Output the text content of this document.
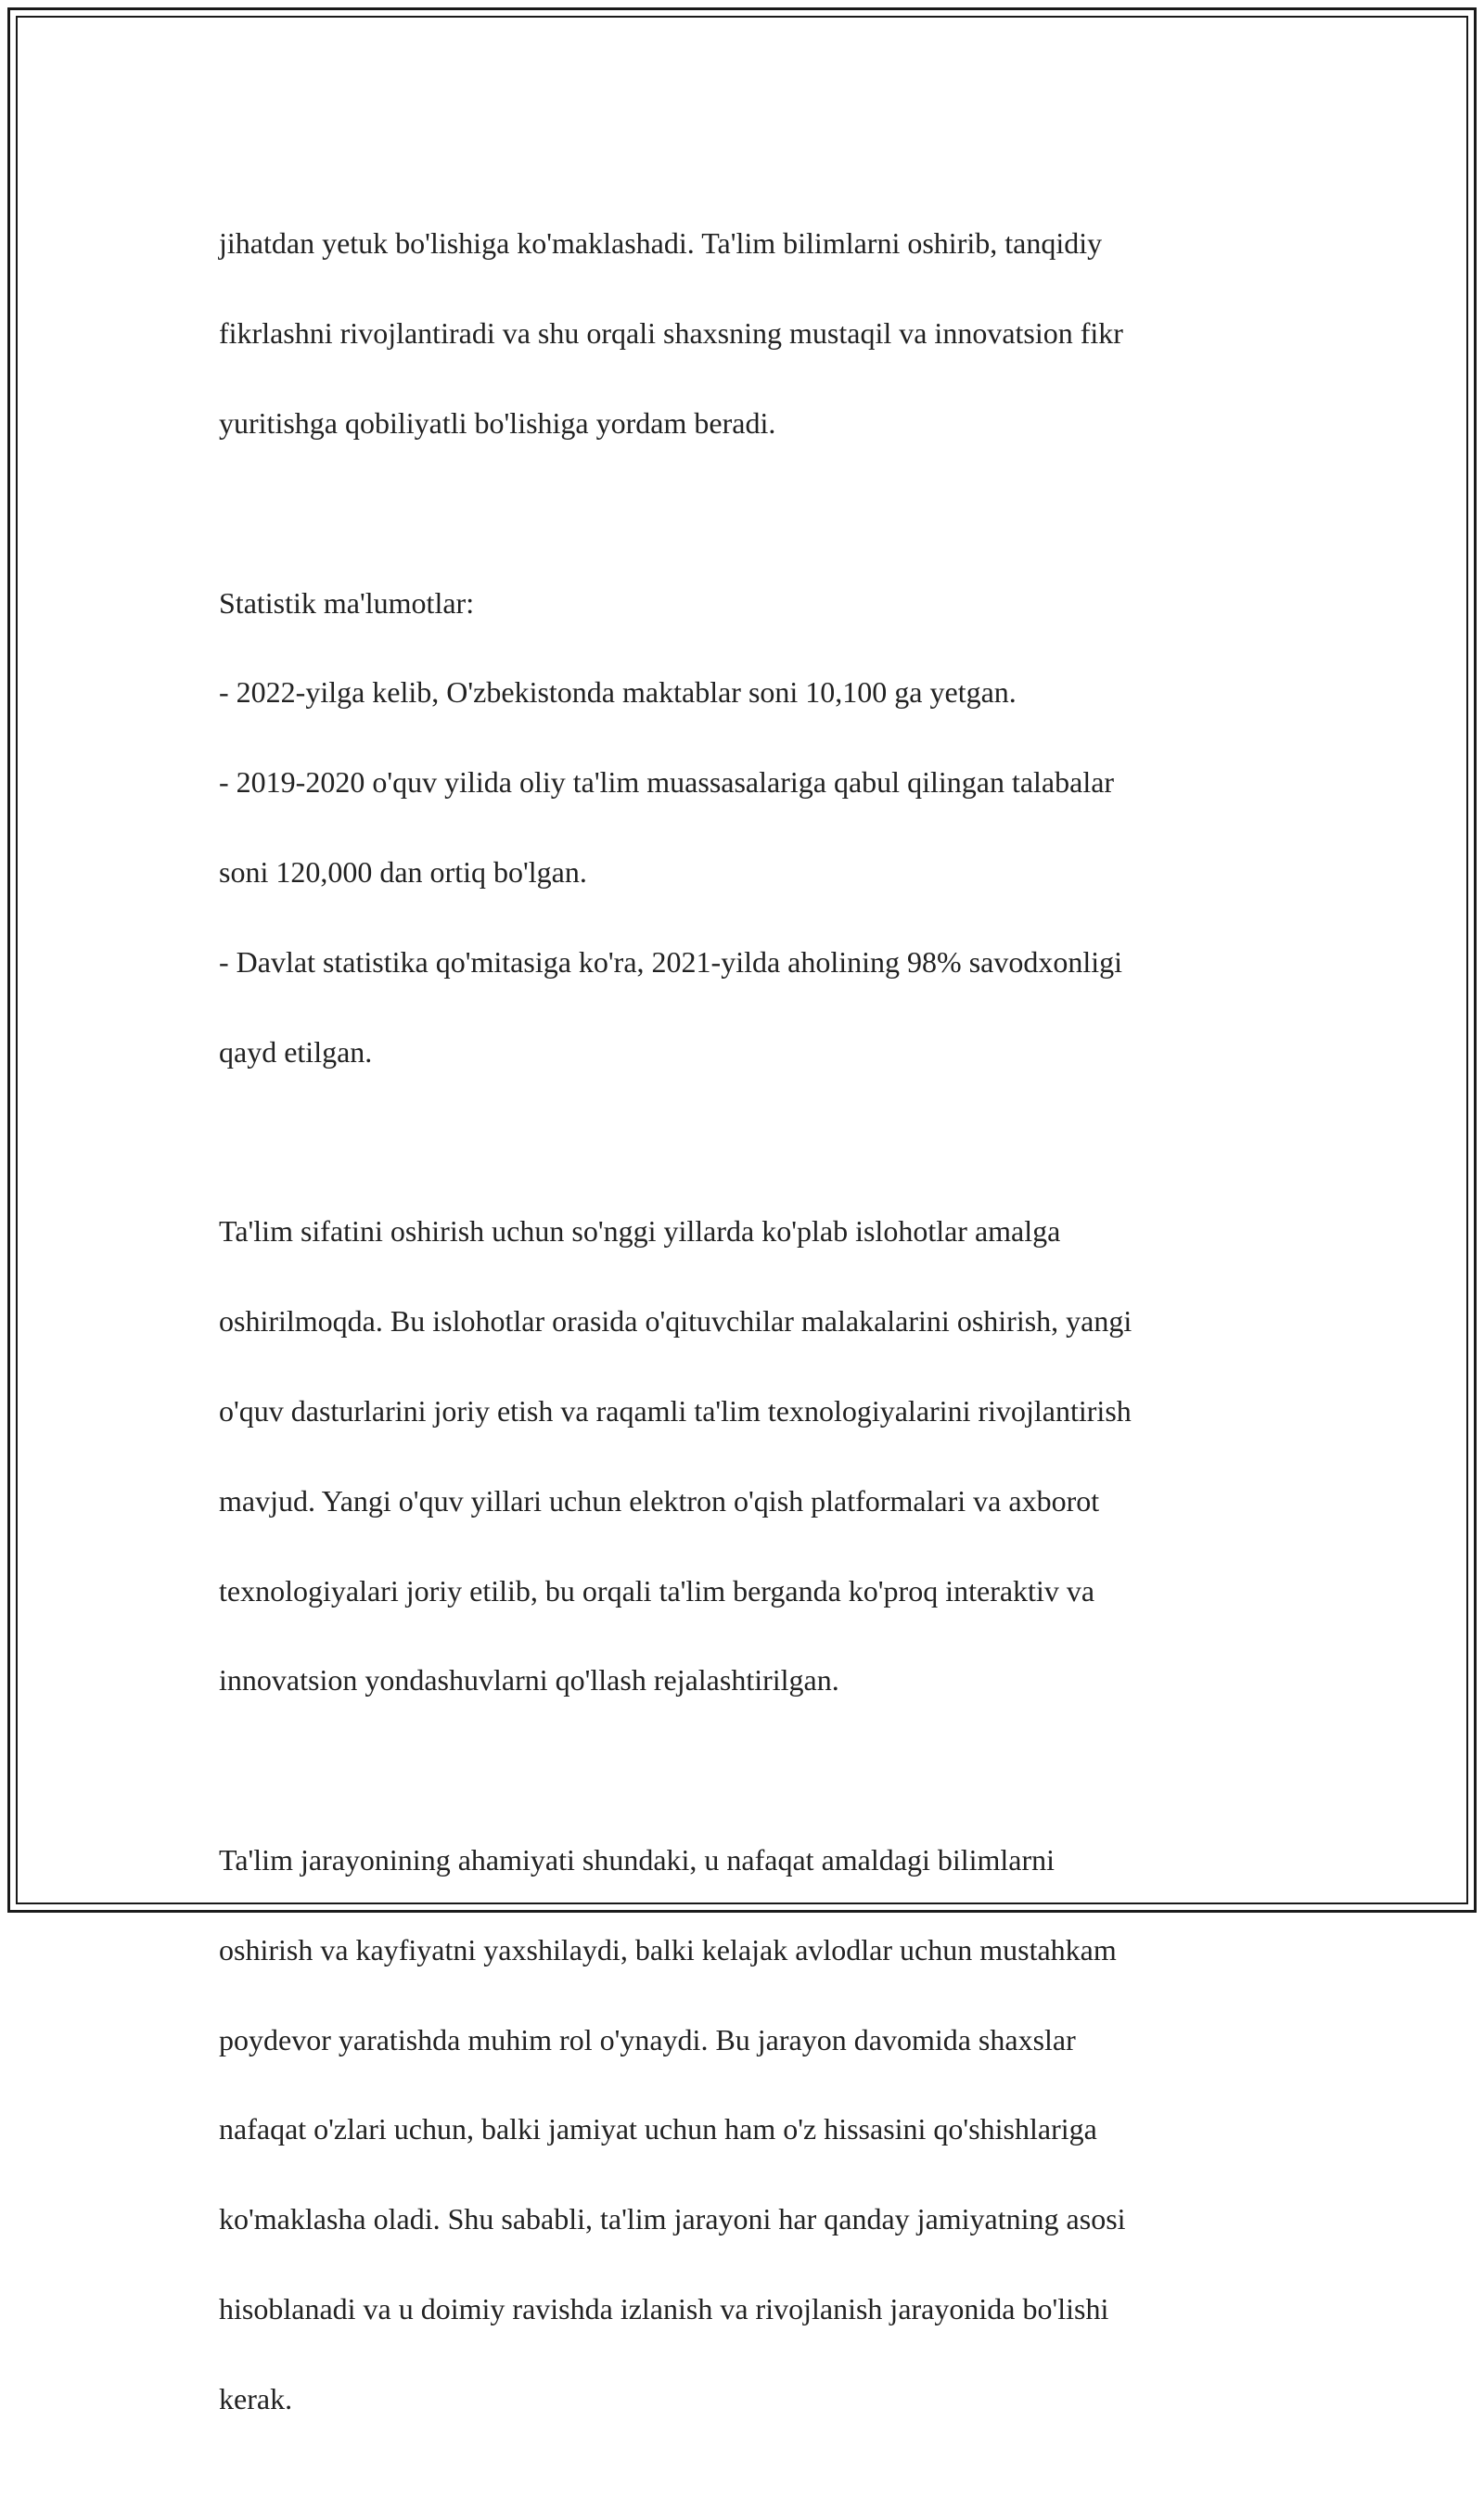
jihatdan yetuk bo'lishiga ko'maklashadi. Ta'lim bilimlarni oshirib, tanqidiy

fikrlashni rivojlantiradi va shu orqali shaxsning mustaqil va innovatsion fikr

yuritishga qobiliyatli bo'lishiga yordam beradi.

Statistik ma'lumotlar:

- 2022-yilga kelib, O'zbekistonda maktablar soni 10,100 ga yetgan.

- 2019-2020 o'quv yilida oliy ta'lim muassasalariga qabul qilingan talabalar

soni 120,000 dan ortiq bo'lgan.

- Davlat statistika qo'mitasiga ko'ra, 2021-yilda aholining 98% savodxonligi

qayd etilgan.

Ta'lim sifatini oshirish uchun so'nggi yillarda ko'plab islohotlar amalga

oshirilmoqda. Bu islohotlar orasida o'qituvchilar malakalarini oshirish, yangi

o'quv dasturlarini joriy etish va raqamli ta'lim texnologiyalarini rivojlantirish

mavjud. Yangi o'quv yillari uchun elektron o'qish platformalari va axborot

texnologiyalari joriy etilib, bu orqali ta'lim berganda ko'proq interaktiv va

innovatsion yondashuvlarni qo'llash rejalashtirilgan.

Ta'lim jarayonining ahamiyati shundaki, u nafaqat amaldagi bilimlarni

oshirish va kayfiyatni yaxshilaydi, balki kelajak avlodlar uchun mustahkam

poydevor yaratishda muhim rol o'ynaydi. Bu jarayon davomida shaxslar

nafaqat o'zlari uchun, balki jamiyat uchun ham o'z hissasini qo'shishlariga

ko'maklasha oladi. Shu sababli, ta'lim jarayoni har qanday jamiyatning asosi

hisoblanadi va u doimiy ravishda izlanish va rivojlanish jarayonida bo'lishi

kerak.
